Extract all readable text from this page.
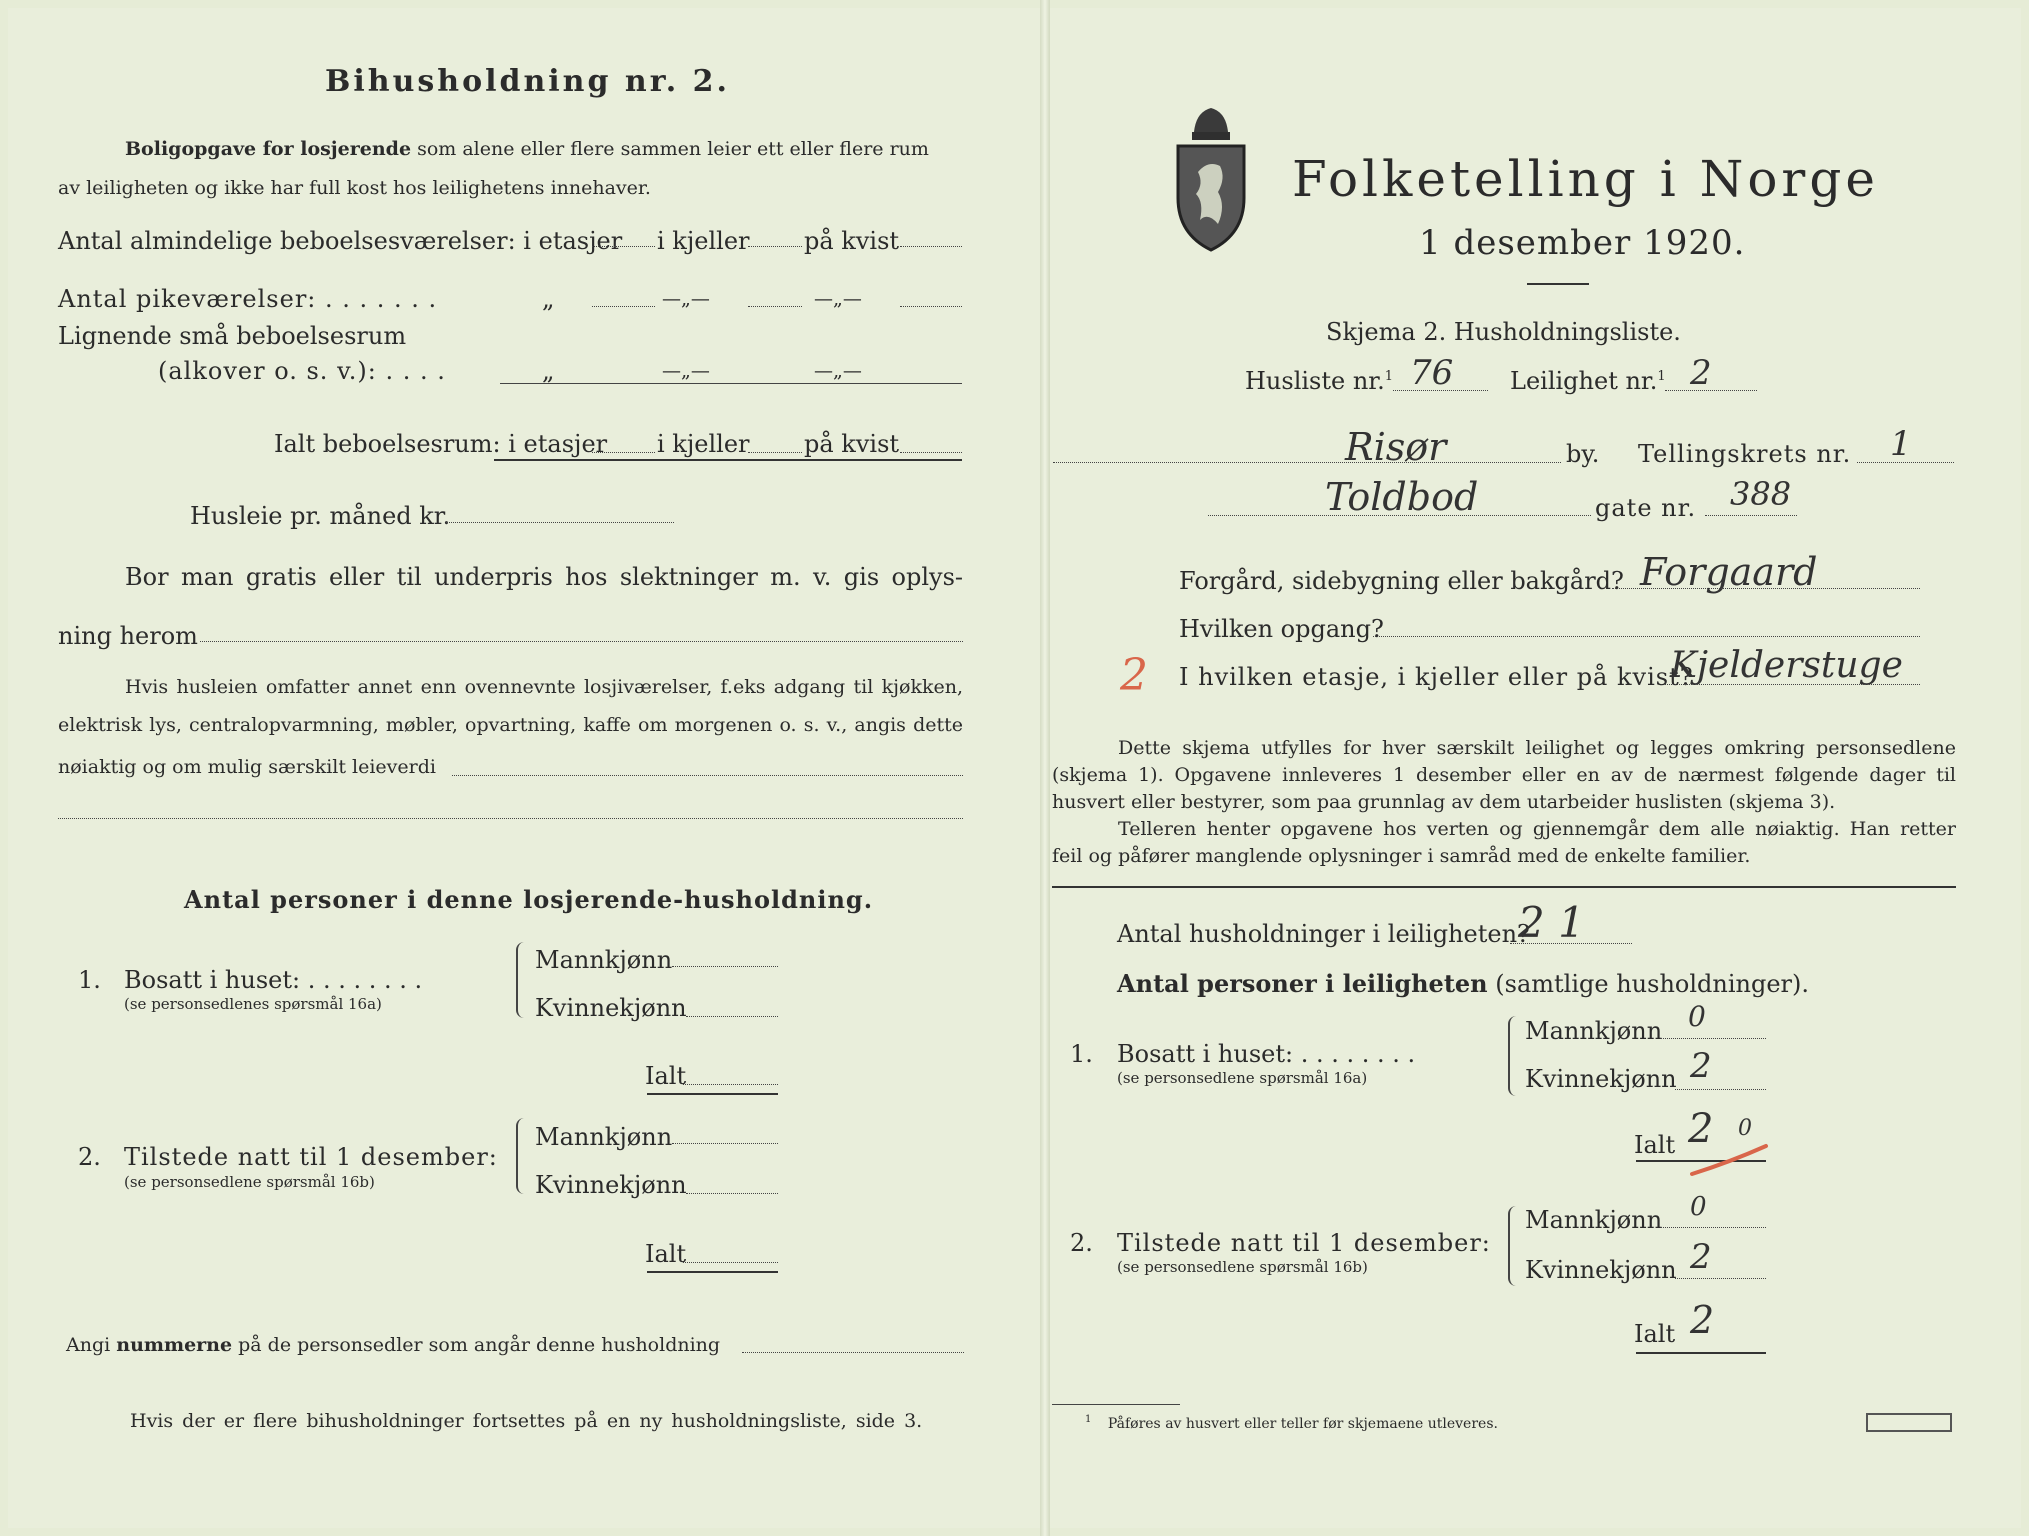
Bihusholdning nr. 2.
Boligopgave for losjerende som alene eller flere sammen leier ett eller flere rum
av leiligheten og ikke har full kost hos leilighetens innehaver.
Antal almindelige beboelsesværelser: i etasjer i kjeller på kvist
Antal pikeværelser: . . . . . . .	„	—„—	—„—
Lignende små beboelsesrum
(alkover o. s. v.): . . . .	„	—„—	—„—
Ialt beboelsesrum: i etasjer i kjeller på kvist
Husleie pr. måned kr.
Bor man gratis eller til underpris hos slektninger m. v. gis oplys-
ning herom
Hvis husleien omfatter annet enn ovennevnte losjiværelser, f.eks adgang til kjøkken,
elektrisk lys, centralopvarmning, møbler, opvartning, kaffe om morgenen o. s. v., angis dette
nøiaktig og om mulig særskilt leieverdi
Antal personer i denne losjerende-husholdning.
1. Bosatt i huset: . . . . . . . .
(se personsedlenes spørsmål 16a)
Mannkjønn
Kvinnekjønn
Ialt
2. Tilstede natt til 1 desember:
(se personsedlene spørsmål 16b)
Mannkjønn
Kvinnekjønn
Ialt
Angi nummerne på de personsedler som angår denne husholdning
Hvis der er flere bihusholdninger fortsettes på en ny husholdningsliste, side 3.
Folketelling i Norge
1 desember 1920.
Skjema 2. Husholdningsliste.
Husliste nr.$^1$ 76 Leilighet nr.$^1$ 2
Risør	by. Tellingskrets nr. 1
Toldbod	gate nr. 388
Forgård, sidebygning eller bakgård? Forgaard
Hvilken opgang?
2 I hvilken etasje, i kjeller eller på kvist?
Kjelderstuge
Dette skjema utfylles for hver særskilt leilighet og legges omkring personsedlene
(skjema 1). Opgavene innleveres 1 desember eller en av de nærmest følgende dager til
husvert eller bestyrer, som paa grunnlag av dem utarbeider huslisten (skjema 3).
Telleren henter opgavene hos verten og gjennemgår dem alle nøiaktig. Han retter
feil og påfører manglende oplysninger i samråd med de enkelte familier.
Antal husholdninger i leiligheten?
2 1
Antal personer i leiligheten (samtlige husholdninger).
1. Bosatt i huset: . . . . . . . .
(se personsedlene spørsmål 16a)
Mannkjønn 0
Kvinnekjønn 2
Ialt 2 0
2. Tilstede natt til 1 desember:
(se personsedlene spørsmål 16b)
Mannkjønn 0
Kvinnekjønn 2
Ialt 2
$^1$ Påføres av husvert eller teller før skjemaene utleveres.
